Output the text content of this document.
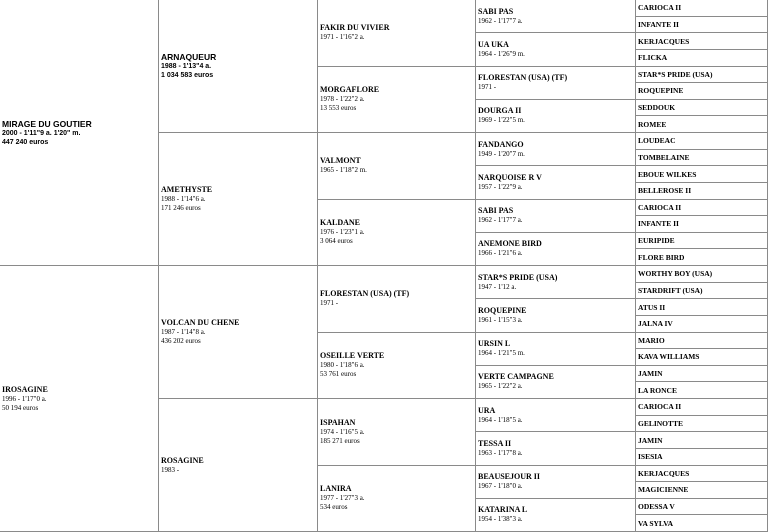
MIRAGE DU GOUTIER
2000 - 1'11"9 a. 1'20" m.
447 240 euros
IROSAGINE
1996 - 1'17"0 a.
50 194 euros
ARNAQUEUR
1988 - 1'13"4 a.
1 034 583 euros
AMETHYSTE
1988 - 1'14"6 a.
171 246 euros
VOLCAN DU CHENE
1987 - 1'14"8 a.
436 202 euros
ROSAGINE
1983 -
FAKIR DU VIVIER
1971 - 1'16"2 a.
MORGAFLORE
1978 - 1'22"2 a.
13 553 euros
VALMONT
1965 - 1'18"2 m.
KALDANE
1976 - 1'23"1 a.
3 064 euros
FLORESTAN (USA) (TF)
1971 -
OSEILLE VERTE
1980 - 1'18"6 a.
53 761 euros
ISPAHAN
1974 - 1'16"5 a.
185 271 euros
LANIRA
1977 - 1'27"3 a.
534 euros
SABI PAS
1962 - 1'17"7 a.
UA UKA
1964 - 1'26"9 m.
FLORESTAN (USA) (TF)
1971 -
DOURGA II
1969 - 1'22"5 m.
FANDANGO
1949 - 1'20"7 m.
NARQUOISE R V
1957 - 1'22"9 a.
SABI PAS
1962 - 1'17"7 a.
ANEMONE BIRD
1966 - 1'21"6 a.
STAR*S PRIDE (USA)
1947 - 1'12 a.
ROQUEPINE
1961 - 1'15"3 a.
URSIN L
1964 - 1'21"5 m.
VERTE CAMPAGNE
1965 - 1'22"2 a.
URA
1964 - 1'18"5 a.
TESSA II
1963 - 1'17"8 a.
BEAUSEJOUR II
1967 - 1'18"0 a.
KATARINA L
1954 - 1'38"3 a.
CARIOCA II
INFANTE II
KERJACQUES
FLICKA
STAR*S PRIDE (USA)
ROQUEPINE
SEDDOUK
ROMEE
LOUDEAC
TOMBELAINE
EBOUE WILKES
BELLEROSE II
CARIOCA II
INFANTE II
EURIPIDE
FLORE BIRD
WORTHY BOY (USA)
STARDRIFT (USA)
ATUS II
JALNA IV
MARIO
KAVA WILLIAMS
JAMIN
LA RONCE
CARIOCA II
GELINOTTE
JAMIN
ISESIA
KERJACQUES
MAGICIENNE
ODESSA V
VA SYLVA
